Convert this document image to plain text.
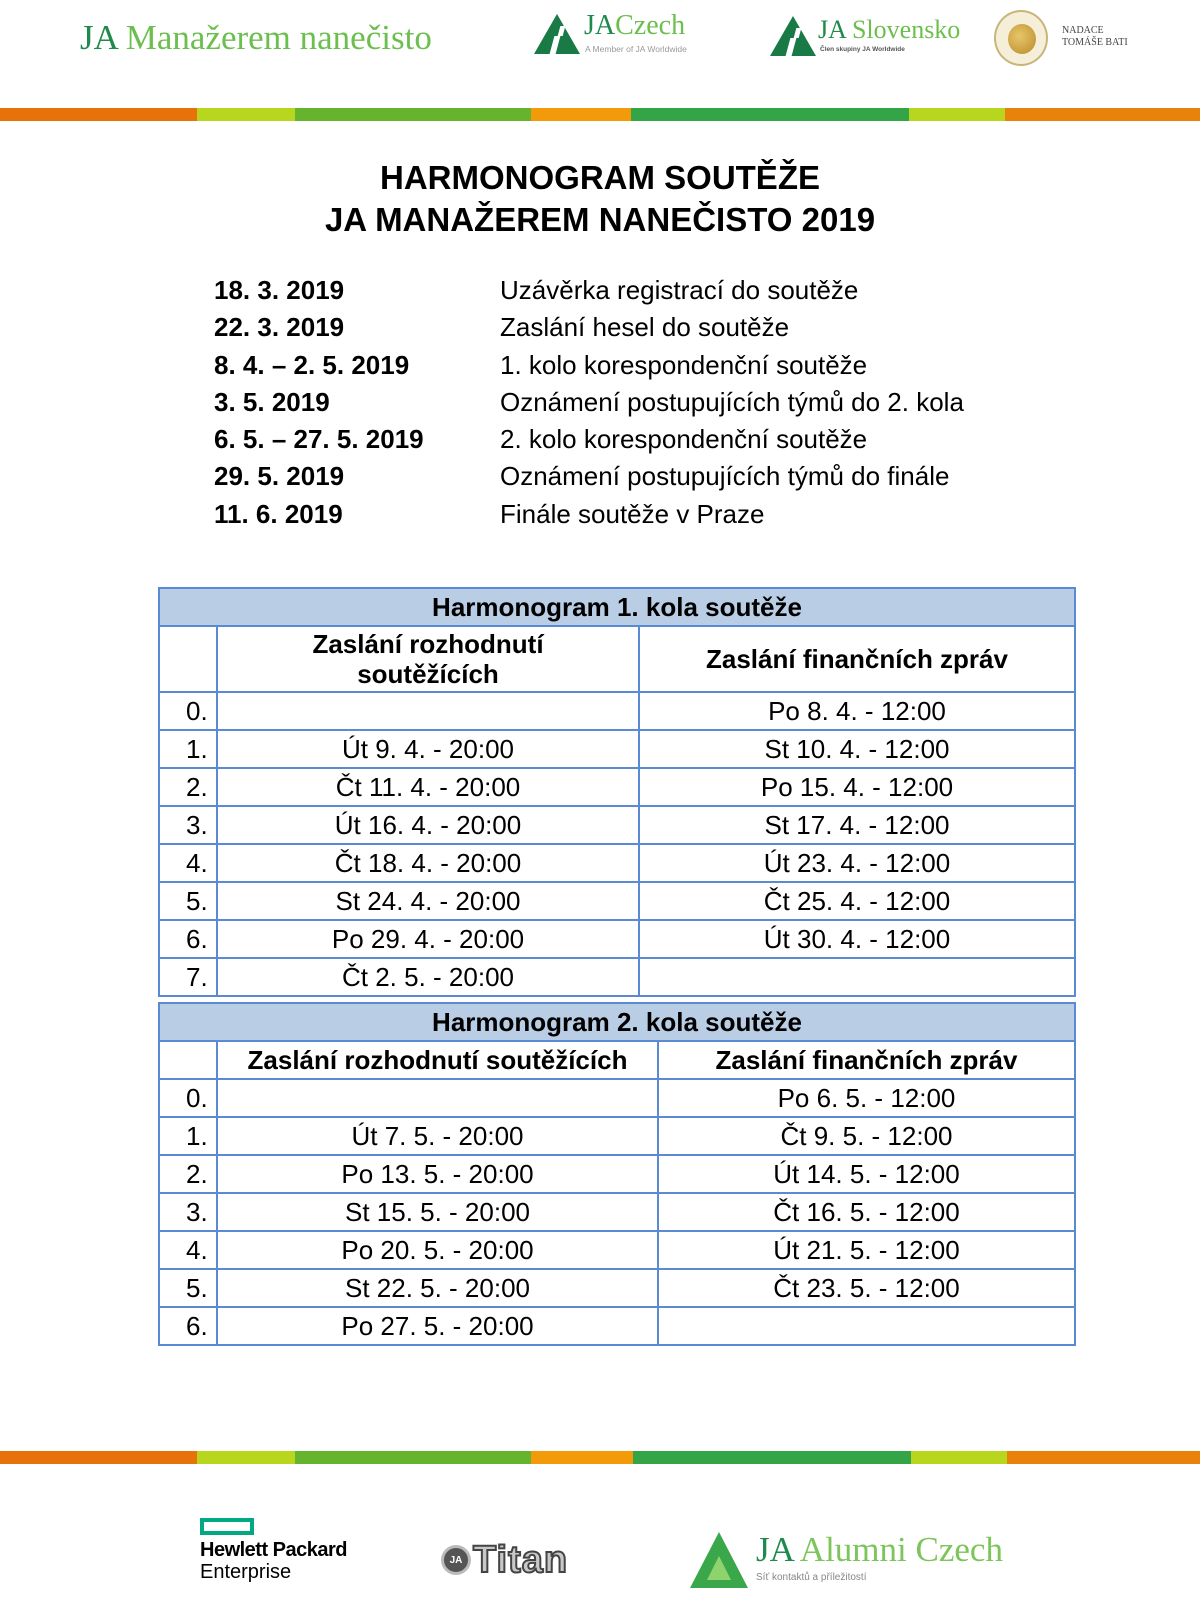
JA Manažerem nanečisto	JACzech
A Member of JA Worldwide
JA Slovensko
Člen skupiny JA Worldwide
NADACE
TOMÁŠE BATI
HARMONOGRAM SOUTĚŽE
JA MANAŽEREM NANEČISTO 2019
18. 3. 2019	Uzávěrka registrací do soutěže
22. 3. 2019	Zaslání hesel do soutěže
8. 4. – 2. 5. 2019	1. kolo korespondenční soutěže
3. 5. 2019	Oznámení postupujících týmů do 2. kola
6. 5. – 27. 5. 2019	2. kolo korespondenční soutěže
29. 5. 2019	Oznámení postupujících týmů do finále
11. 6. 2019	Finále soutěže v Praze
Harmonogram 1. kola soutěže		

	Zaslání rozhodnutí
soutěžících	Zaslání finančních zpráv
0.		Po 8. 4. - 12:00
1.	Út 9. 4. - 20:00	St 10. 4. - 12:00
2.	Čt 11. 4. - 20:00	Po 15. 4. - 12:00
3.	Út 16. 4. - 20:00	St 17. 4. - 12:00
4.	Čt 18. 4. - 20:00	Út 23. 4. - 12:00
5.	St 24. 4. - 20:00	Čt 25. 4. - 12:00
6.	Po 29. 4. - 20:00	Út 30. 4. - 12:00
7.	Čt 2. 5. - 20:00	
Harmonogram 2. kola soutěže		
	Zaslání rozhodnutí soutěžících	Zaslání finančních zpráv
0.		Po 6. 5. - 12:00
1.	Út 7. 5. - 20:00	Čt 9. 5. - 12:00
2.	Po 13. 5. - 20:00	Út 14. 5. - 12:00
3.	St 15. 5. - 20:00	Čt 16. 5. - 12:00
4.	Po 20. 5. - 20:00	Út 21. 5. - 12:00
5.	St 22. 5. - 20:00	Čt 23. 5. - 12:00
6.	Po 27. 5. - 20:00	
Hewlett Packard
Enterprise
JA Titan	JA Alumni Czech
Síť kontaktů a příležitostí
